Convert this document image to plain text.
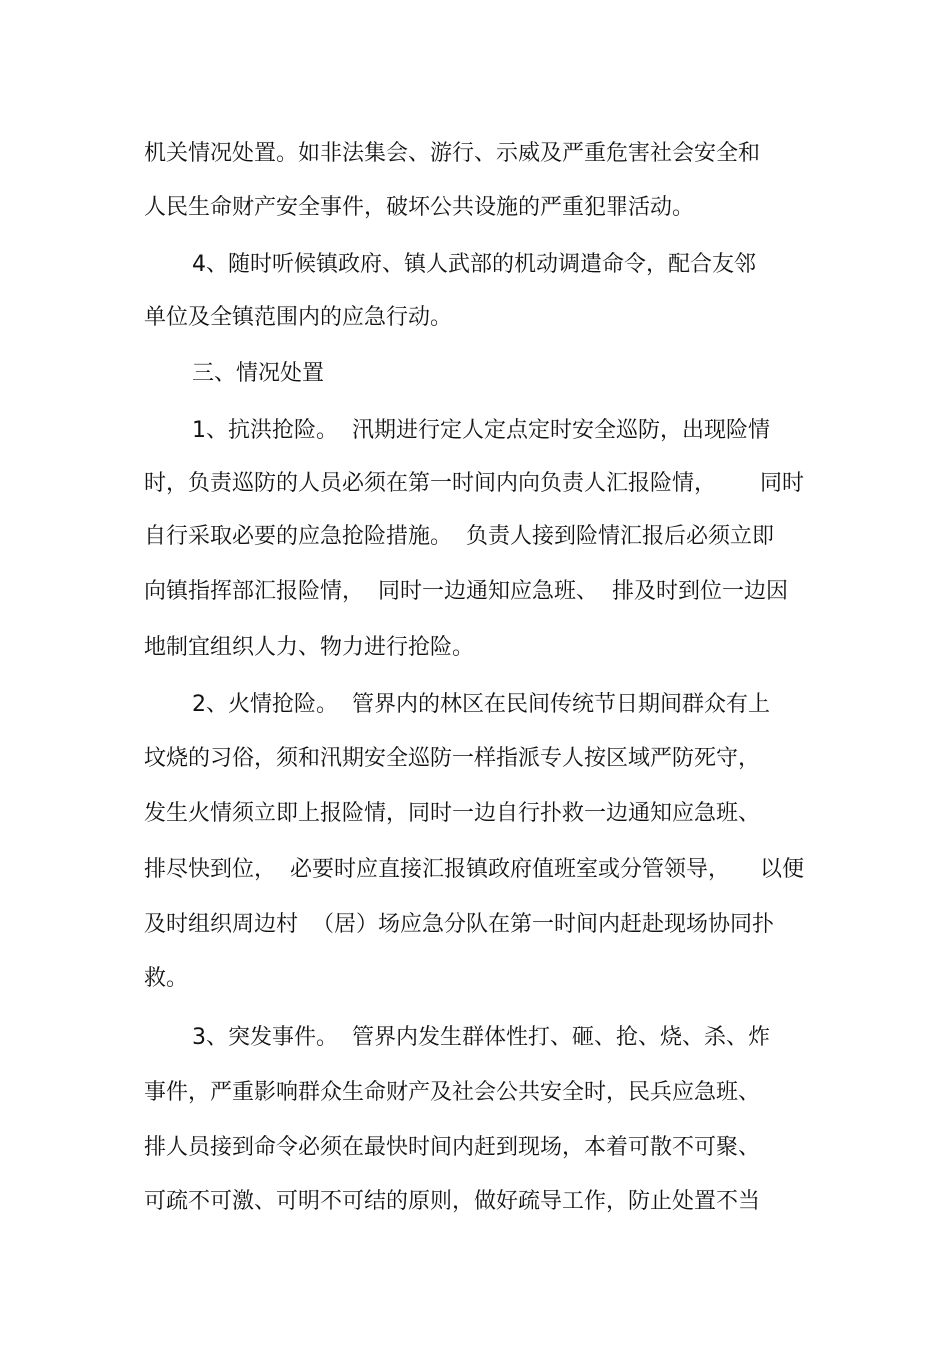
机关情况处置。如非法集会、游行、示威及严重危害社会安全和

人民生命财产安全事件，破坏公共设施的严重犯罪活动。

4、随时听候镇政府、镇人武部的机动调遣命令，配合友邻

单位及全镇范围内的应急行动。

三、情况处置

1、抗洪抢险。  汛期进行定人定点定时安全巡防，出现险情

时，负责巡防的人员必须在第一时间内向负责人汇报险情， 同时

自行采取必要的应急抢险措施。  负责人接到险情汇报后必须立即

向镇指挥部汇报险情，  同时一边通知应急班、  排及时到位一边因

地制宜组织人力、物力进行抢险。

2、火情抢险。  管界内的林区在民间传统节日期间群众有上

坟烧的习俗，须和汛期安全巡防一样指派专人按区域严防死守，

发生火情须立即上报险情，同时一边自行扑救一边通知应急班、

排尽快到位，  必要时应直接汇报镇政府值班室或分管领导， 以便

及时组织周边村  （居）场应急分队在第一时间内赶赴现场协同扑

救。

3、突发事件。  管界内发生群体性打、砸、抢、烧、杀、炸

事件，严重影响群众生命财产及社会公共安全时，民兵应急班、

排人员接到命令必须在最快时间内赶到现场，本着可散不可聚、

可疏不可激、可明不可结的原则，做好疏导工作，防止处置不当
